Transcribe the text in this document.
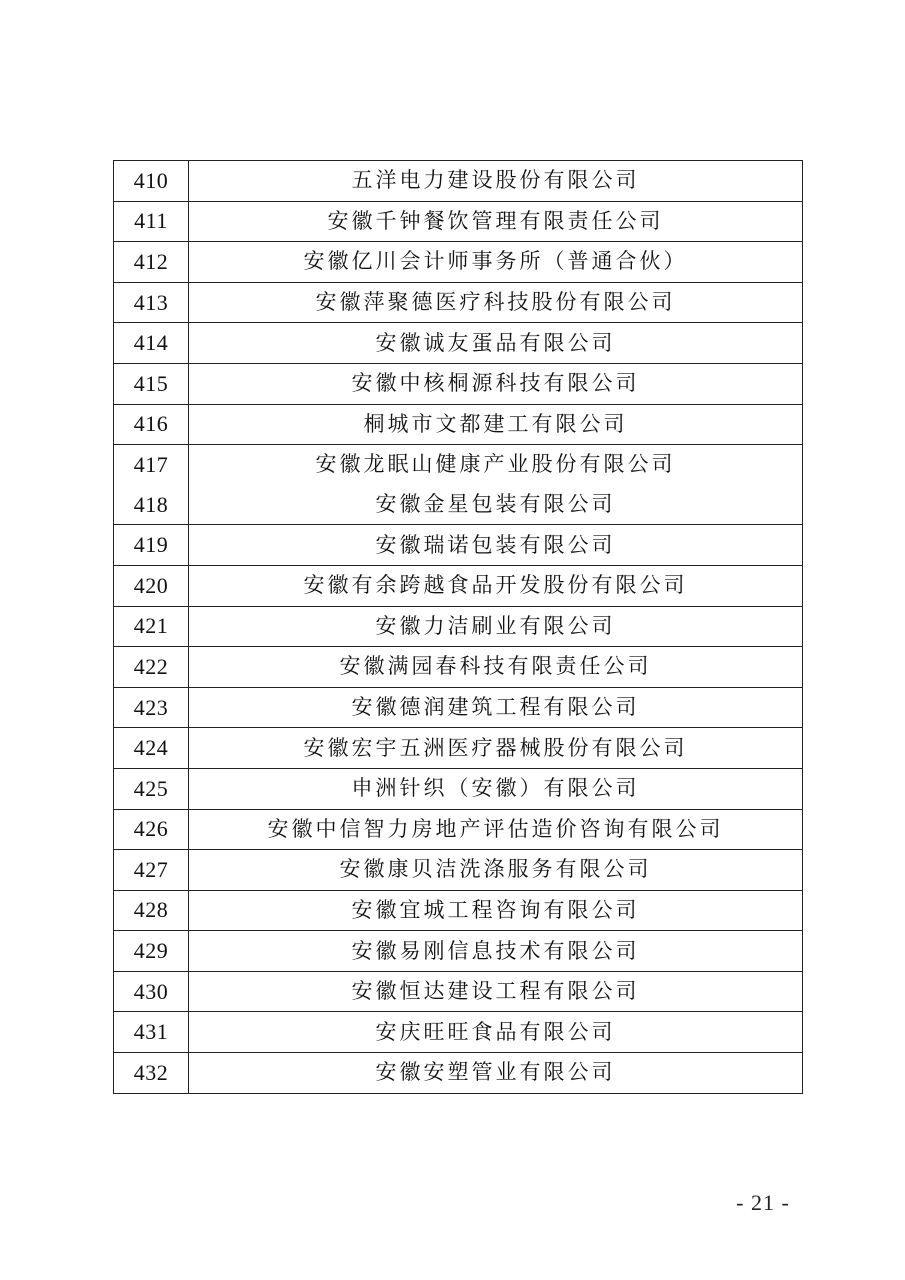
410	五洋电力建设股份有限公司
411	安徽千钟餐饮管理有限责任公司
412	安徽亿川会计师事务所（普通合伙）
413	安徽萍聚德医疗科技股份有限公司
414	安徽诚友蛋品有限公司
415	安徽中核桐源科技有限公司
416	桐城市文都建工有限公司
417	安徽龙眠山健康产业股份有限公司
418	安徽金星包装有限公司
419	安徽瑞诺包装有限公司
420	安徽有余跨越食品开发股份有限公司
421	安徽力洁刷业有限公司
422	安徽满园春科技有限责任公司
423	安徽德润建筑工程有限公司
424	安徽宏宇五洲医疗器械股份有限公司
425	申洲针织（安徽）有限公司
426	安徽中信智力房地产评估造价咨询有限公司
427	安徽康贝洁洗涤服务有限公司
428	安徽宜城工程咨询有限公司
429	安徽易刚信息技术有限公司
430	安徽恒达建设工程有限公司
431	安庆旺旺食品有限公司
432	安徽安塑管业有限公司
- 21 -
